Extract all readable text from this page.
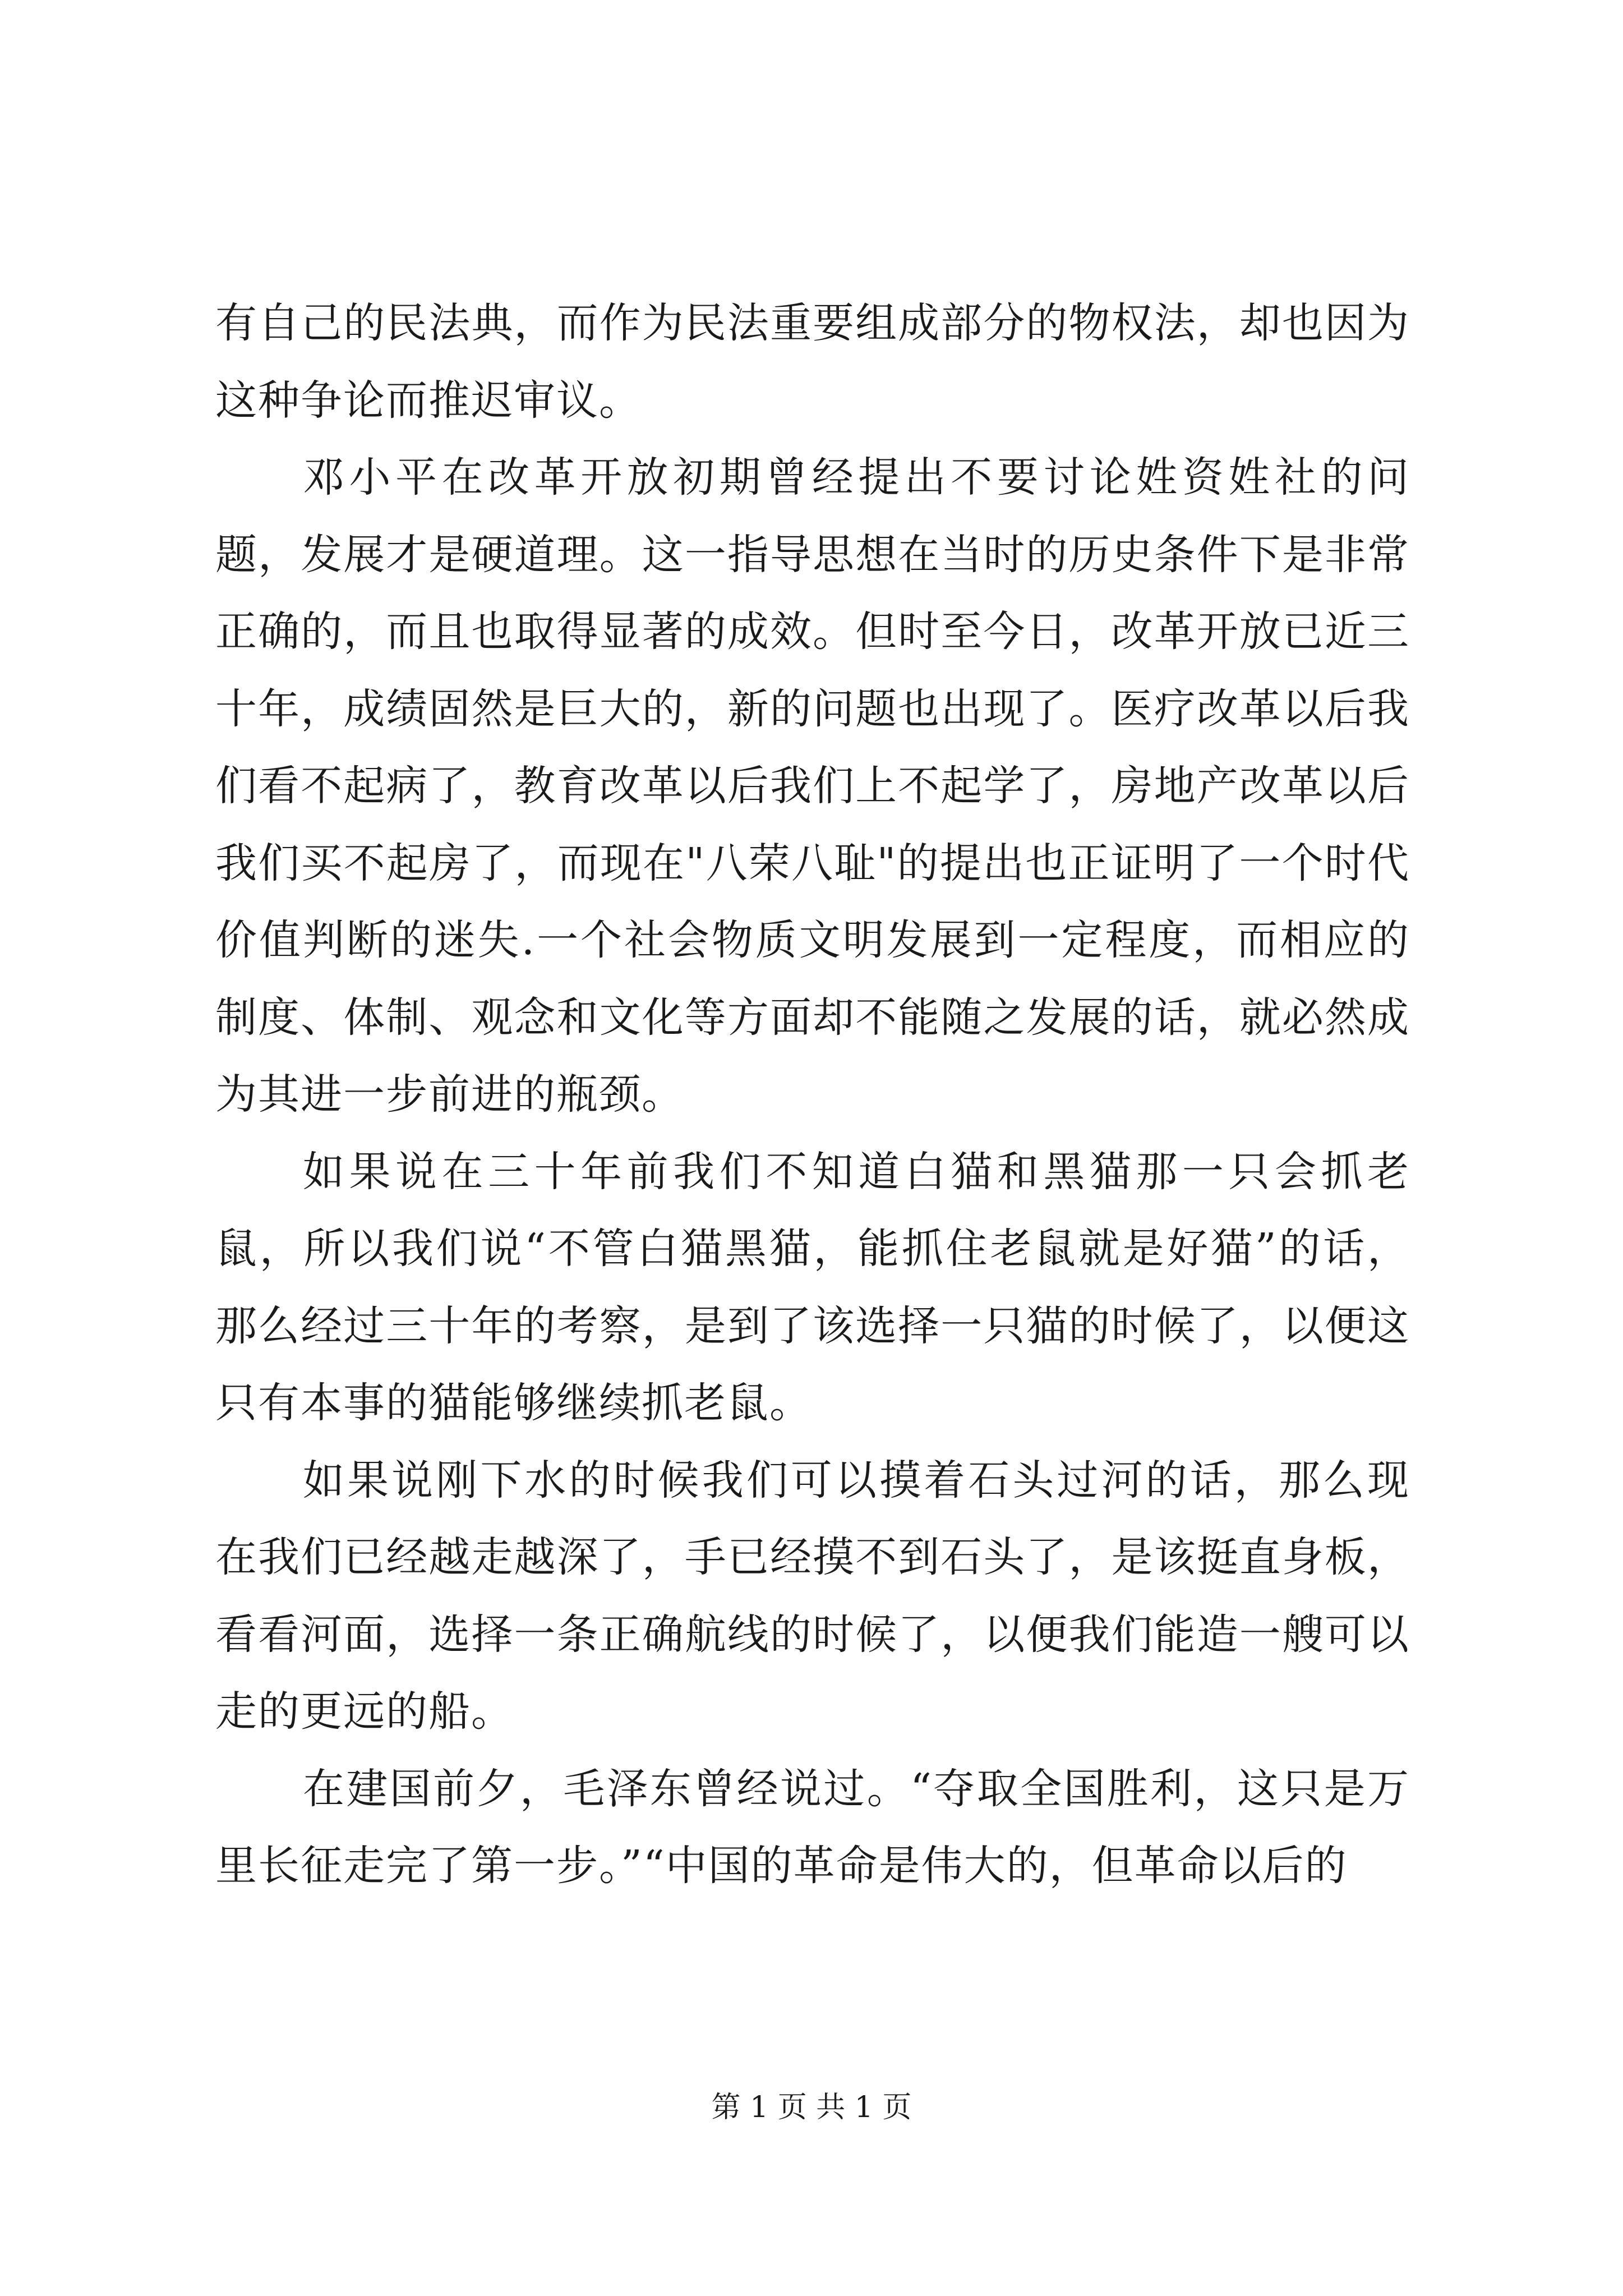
有自己的民法典，而作为民法重要组成部分的物权法，却也因为这种争论而推迟审议。

邓小平在改革开放初期曾经提出不要讨论姓资姓社的问题，发展才是硬道理。这一指导思想在当时的历史条件下是非常正确的，而且也取得显著的成效。但时至今日，改革开放已近三十年，成绩固然是巨大的，新的问题也出现了。医疗改革以后我们看不起病了，教育改革以后我们上不起学了，房地产改革以后我们买不起房了，而现在"八荣八耻"的提出也正证明了一个时代价值判断的迷失.一个社会物质文明发展到一定程度，而相应的制度、体制、观念和文化等方面却不能随之发展的话，就必然成为其进一步前进的瓶颈。

如果说在三十年前我们不知道白猫和黑猫那一只会抓老鼠，所以我们说“不管白猫黑猫，能抓住老鼠就是好猫”的话，那么经过三十年的考察，是到了该选择一只猫的时候了，以便这只有本事的猫能够继续抓老鼠。

如果说刚下水的时候我们可以摸着石头过河的话，那么现在我们已经越走越深了，手已经摸不到石头了，是该挺直身板，看看河面，选择一条正确航线的时候了，以便我们能造一艘可以走的更远的船。

在建国前夕，毛泽东曾经说过。“夺取全国胜利，这只是万里长征走完了第一步。”“中国的革命是伟大的，但革命以后的

第 1 页 共 1 页
